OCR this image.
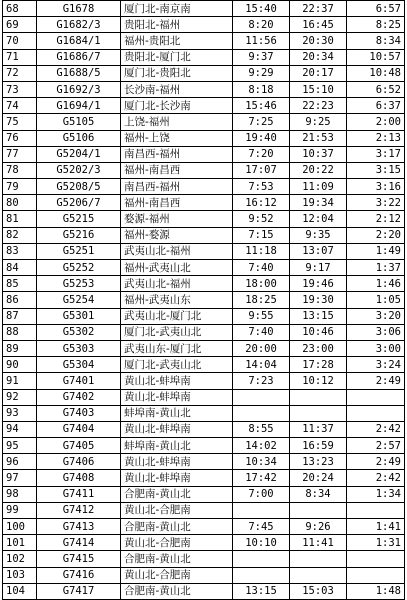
68	G1678	厦门北-南京南	15:40	22:37	6:57
69	G1682/3	贵阳北-福州	8:20	16:45	8:25
70	G1684/1	福州-贵阳北	11:56	20:30	8:34
71	G1686/7	贵阳北-厦门北	9:37	20:34	10:57
72	G1688/5	厦门北-贵阳北	9:29	20:17	10:48
73	G1692/3	长沙南-福州	8:18	15:10	6:52
74	G1694/1	厦门北-长沙南	15:46	22:23	6:37
75	G5105	上饶-福州	7:25	9:25	2:00
76	G5106	福州-上饶	19:40	21:53	2:13
77	G5204/1	南昌西-福州	7:20	10:37	3:17
78	G5202/3	福州-南昌西	17:07	20:22	3:15
79	G5208/5	南昌西-福州	7:53	11:09	3:16
80	G5206/7	福州-南昌西	16:12	19:34	3:22
81	G5215	婺源-福州	9:52	12:04	2:12
82	G5216	福州-婺源	7:15	9:35	2:20
83	G5251	武夷山北-福州	11:18	13:07	1:49
84	G5252	福州-武夷山北	7:40	9:17	1:37
85	G5253	武夷山北-福州	18:00	19:46	1:46
86	G5254	福州-武夷山东	18:25	19:30	1:05
87	G5301	武夷山北-厦门北	9:55	13:15	3:20
88	G5302	厦门北-武夷山北	7:40	10:46	3:06
89	G5303	武夷山东-厦门北	20:00	23:00	3:00
90	G5304	厦门北-武夷山北	14:04	17:28	3:24
91	G7401	黄山北-蚌埠南	7:23	10:12	2:49
92	G7402	黄山北-蚌埠南			
93	G7403	蚌埠南-黄山北			
94	G7404	黄山北-蚌埠南	8:55	11:37	2:42
95	G7405	蚌埠南-黄山北	14:02	16:59	2:57
96	G7406	黄山北-蚌埠南	10:34	13:23	2:49
97	G7408	黄山北-蚌埠南	17:42	20:24	2:42
98	G7411	合肥南-黄山北	7:00	8:34	1:34
99	G7412	黄山北-合肥南			
100	G7413	合肥南-黄山北	7:45	9:26	1:41
101	G7414	黄山北-合肥南	10:10	11:41	1:31
102	G7415	合肥南-黄山北			
103	G7416	黄山北-合肥南			
104	G7417	合肥南-黄山北	13:15	15:03	1:48
